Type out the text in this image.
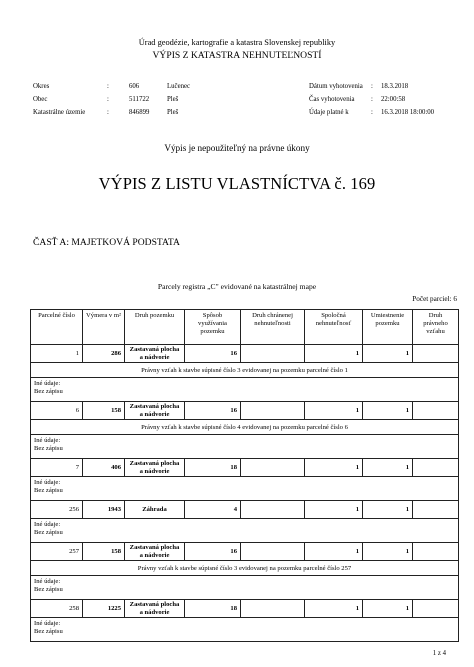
Úrad geodézie, kartografie a katastra Slovenskej republiky
VÝPIS Z KATASTRA NEHNUTEĽNOSTÍ
Okres	:	606	Lučenec
Obec	:	511722	Pleš
Katastrálne územie	:	846899	Pleš
Dátum vyhotovenia	:	18.3.2018
Čas vyhotovenia	:	22:00:58
Údaje platné k	:	16.3.2018 18:00:00
Výpis je nepoužiteľný na právne úkony
VÝPIS Z LISTU VLASTNÍCTVA č. 169
ČASŤ A: MAJETKOVÁ PODSTATA
Parcely registra „C" evidované na katastrálnej mape
Počet parciel: 6
Parcelné číslo	Výmera v m²	Druh pozemku	Spôsob využívania pozemku	Druh chránenej nehnuteľnosti	Spoločná nehnuteľnosť	Umiestnenie pozemku	Druh právneho vzťahu
1	286	Zastavaná plocha a nádvorie	16		1	1	
Právny vzťah k stavbe súpisné číslo 3 evidovanej na pozemku parcelné číslo 1							

Iné údaje:
Bez zápisu							

6	158	Zastavaná plocha a nádvorie	16		1	1	
Právny vzťah k stavbe súpisné číslo 4 evidovanej na pozemku parcelné číslo 6							

Iné údaje:
Bez zápisu							

7	406	Zastavaná plocha a nádvorie	18		1	1	

Iné údaje:
Bez zápisu							

256	1943	Záhrada	4		1	1	

Iné údaje:
Bez zápisu							

257	158	Zastavaná plocha a nádvorie	16		1	1	
Právny vzťah k stavbe súpisné číslo 3 evidovanej na pozemku parcelné číslo 257							

Iné údaje:
Bez zápisu							

258	1225	Zastavaná plocha a nádvorie	18		1	1	

Iné údaje:
Bez zápisu							
1 z 4
